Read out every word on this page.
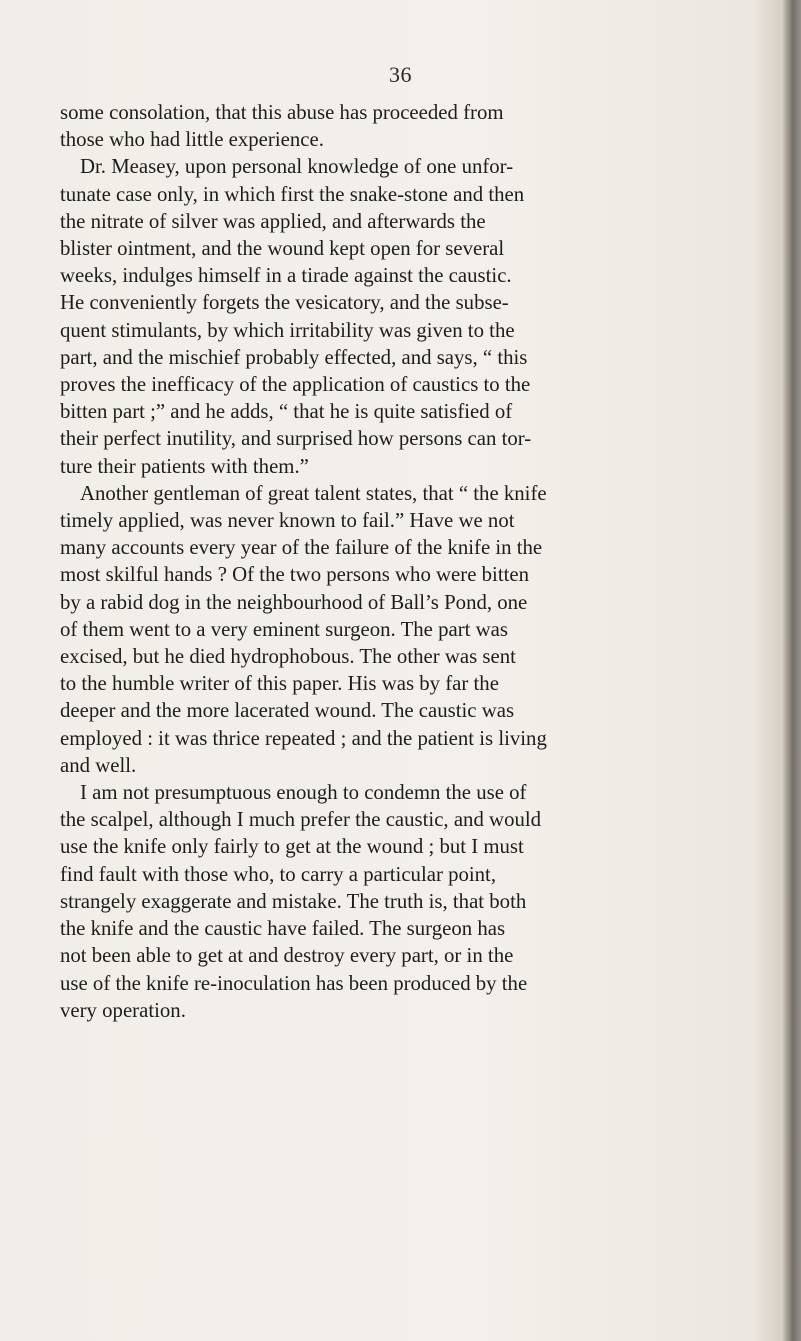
36
some consolation, that this abuse has proceeded from
those who had little experience.
Dr. Measey, upon personal knowledge of one unfor-
tunate case only, in which first the snake-stone and then
the nitrate of silver was applied, and afterwards the
blister ointment, and the wound kept open for several
weeks, indulges himself in a tirade against the caustic.
He conveniently forgets the vesicatory, and the subse-
quent stimulants, by which irritability was given to the
part, and the mischief probably effected, and says, “ this
proves the inefficacy of the application of caustics to the
bitten part ;” and he adds, “ that he is quite satisfied of
their perfect inutility, and surprised how persons can tor-
ture their patients with them.”
Another gentleman of great talent states, that “ the knife
timely applied, was never known to fail.” Have we not
many accounts every year of the failure of the knife in the
most skilful hands ? Of the two persons who were bitten
by a rabid dog in the neighbourhood of Ball’s Pond, one
of them went to a very eminent surgeon. The part was
excised, but he died hydrophobous. The other was sent
to the humble writer of this paper. His was by far the
deeper and the more lacerated wound. The caustic was
employed : it was thrice repeated ; and the patient is living
and well.
I am not presumptuous enough to condemn the use of
the scalpel, although I much prefer the caustic, and would
use the knife only fairly to get at the wound ; but I must
find fault with those who, to carry a particular point,
strangely exaggerate and mistake. The truth is, that both
the knife and the caustic have failed. The surgeon has
not been able to get at and destroy every part, or in the
use of the knife re-inoculation has been produced by the
very operation.
